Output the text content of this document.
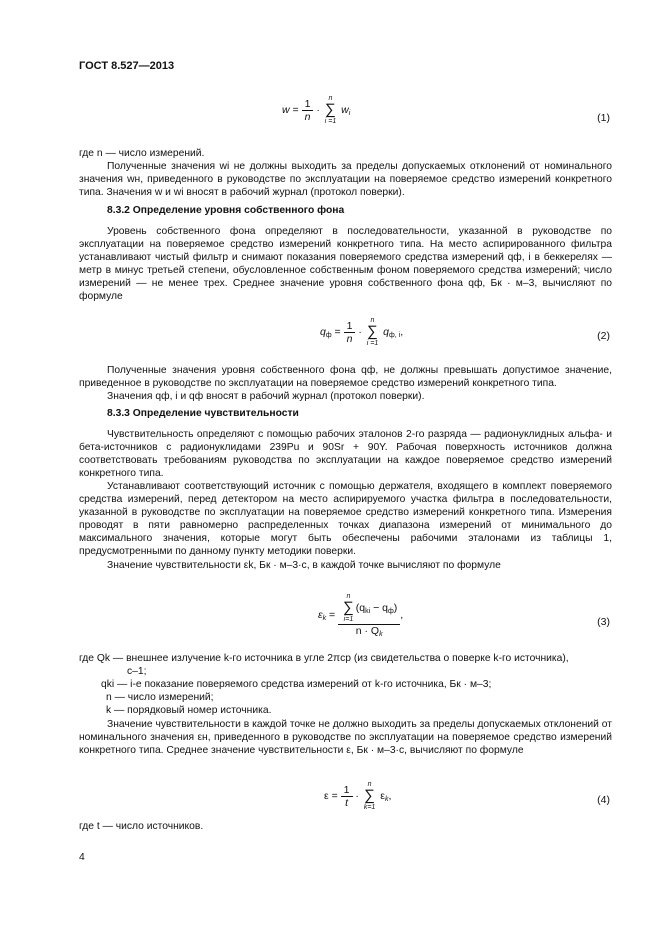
ГОСТ 8.527—2013
$w = \frac{1}{n}$ ·
n
∑
i =1
$w_i$	(1)

где n — число измерений.

Полученные значения wi не должны выходить за пределы допускаемых отклонений от номинального значения wн, приведенного в руководстве по эксплуатации на поверяемое средство измерений конкретного типа. Значения w и wi вносят в рабочий журнал (протокол поверки).

8.3.2 Определение уровня собственного фона

Уровень собственного фона определяют в последовательности, указанной в руководстве по эксплуатации на поверяемое средство измерений конкретного типа. На место аспирированного фильтра устанавливают чистый фильтр и снимают показания поверяемого средства измерений qф, i в беккерелях — метр в минус третьей степени, обусловленное собственным фоном поверяемого средства измерений; число измерений — не менее трех. Среднее значение уровня собственного фона qф, Бк · м–3, вычисляют по формуле

$q_ф = \frac{1}{n}$ ·
n
∑
i =1
$q_{ф, i}$,	(2)

Полученные значения уровня собственного фона qф, не должны превышать допустимое значение, приведенное в руководстве по эксплуатации на поверяемое средство измерений конкретного типа.

Значения qф, i и qф вносят в рабочий журнал (протокол поверки).

8.3.3 Определение чувствительности

Чувствительность определяют с помощью рабочих эталонов 2-го разряда — радионуклидных альфа- и бета-источников с радионуклидами 239Pu и 90Sr + 90Y. Рабочая поверхность источников должна соответствовать требованиям руководства по эксплуатации на каждое поверяемое средство измерений конкретного типа.

Устанавливают соответствующий источник с помощью держателя, входящего в комплект поверяемого средства измерений, перед детектором на место аспирируемого участка фильтра в последовательности, указанной в руководстве по эксплуатации на поверяемое средство измерений конкретного типа. Измерения проводят в пяти равномерно распределенных точках диапазона измерений от минимального до максимального значения, которые могут быть обеспечены рабочими эталонами из таблицы 1, предусмотренными по данному пункту методики поверки.

Значение чувствительности εk, Бк · м–3·с, в каждой точке вычисляют по формуле

$\varepsilon_k = n$
∑
i=1
$(q_{ki} - q_ф)$
$n \cdot Q_k$ ,
(3)

где Qk — внешнее излучение k-го источника в угле 2πср (из свидетельства о поверке k-го источника),

с–1;
qki — i-е показание поверяемого средства измерений от k-го источника, Бк · м–3;
n — число измерений;
k — порядковый номер источника.

Значение чувствительности в каждой точке не должно выходить за пределы допускаемых отклонений от номинального значения εн, приведенного в руководстве по эксплуатации на поверяемое средство измерений конкретного типа. Среднее значение чувствительности ε, Бк · м–3·с, вычисляют по формуле

$\varepsilon = \frac{1}{t}$ ·
n
∑
k=1
$\varepsilon_k$,	(4)

где t — число источников.

4
